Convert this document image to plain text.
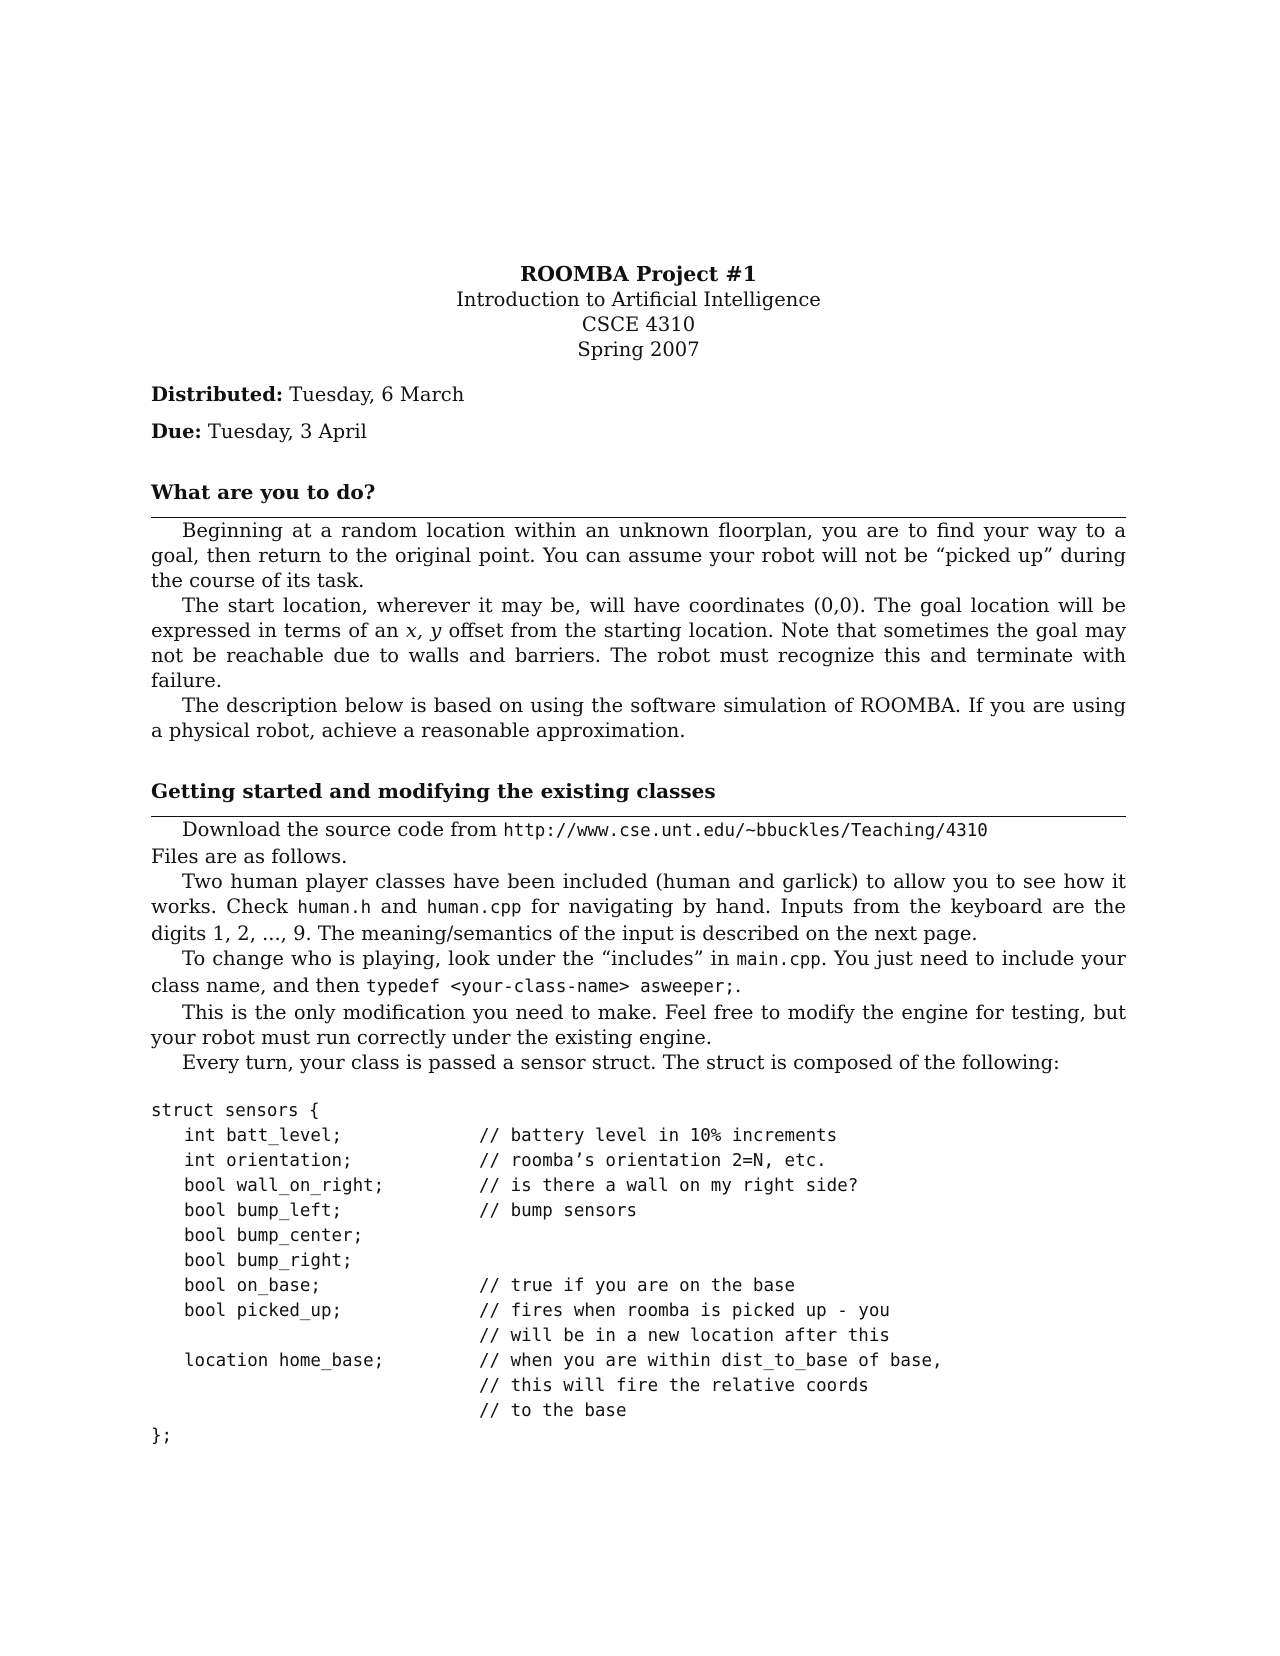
ROOMBA Project #1
Introduction to Artificial Intelligence
CSCE 4310
Spring 2007
Distributed: Tuesday, 6 March
Due: Tuesday, 3 April
What are you to do?

Beginning at a random location within an unknown floorplan, you are to find your way to a goal, then return to the original point. You can assume your robot will not be “picked up” during the course of its task.

The start location, wherever it may be, will have coordinates (0,0). The goal location will be expressed in terms of an x, y offset from the starting location. Note that sometimes the goal may not be reachable due to walls and barriers. The robot must recognize this and terminate with failure.

The description below is based on using the software simulation of ROOMBA. If you are using a physical robot, achieve a reasonable approximation.

Getting started and modifying the existing classes

Download the source code from http://www.cse.unt.edu/~bbuckles/Teaching/4310

Files are as follows.

Two human player classes have been included (human and garlick) to allow you to see how it works. Check human.h and human.cpp for navigating by hand. Inputs from the keyboard are the digits 1, 2, ..., 9. The meaning/semantics of the input is described on the next page.

To change who is playing, look under the “includes” in main.cpp. You just need to include your class name, and then typedef <your-class-name> asweeper;.

This is the only modification you need to make. Feel free to modify the engine for testing, but your robot must run correctly under the existing engine.

Every turn, your class is passed a sensor struct. The struct is composed of the following:

struct sensors {
int batt_level;	// battery level in 10% increments
int orientation;	// roomba’s orientation 2=N, etc.
bool wall_on_right;	// is there a wall on my right side?
bool bump_left;	// bump sensors
bool bump_center;
bool bump_right;
bool on_base;	// true if you are on the base
bool picked_up;	// fires when roomba is picked up - you
// will be in a new location after this
location home_base;	// when you are within dist_to_base of base,
// this will fire the relative coords
// to the base
};
